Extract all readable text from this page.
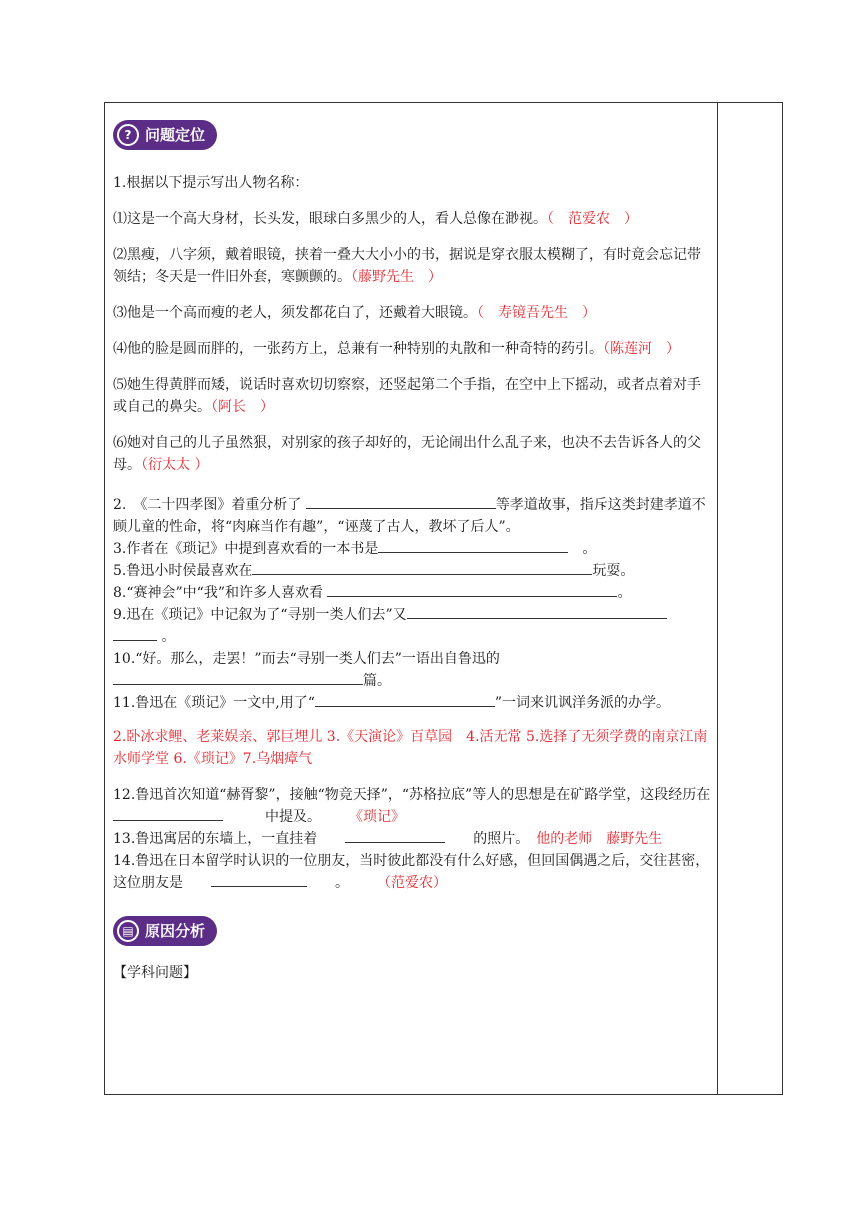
? 问题定位

1.根据以下提示写出人物名称：

⑴这是一个高大身材，长头发，眼球白多黑少的人，看人总像在渺视。（　范爱农　）

⑵黑瘦，八字须，戴着眼镜，挟着一叠大大小小的书，据说是穿衣服太模糊了，有时竟会忘记带领结；冬天是一件旧外套，寒颤颤的。（藤野先生　）

⑶他是一个高而瘦的老人，须发都花白了，还戴着大眼镜。（　寿镜吾先生　）

⑷他的脸是圆而胖的，一张药方上，总兼有一种特别的丸散和一种奇特的药引。（陈莲河　）

⑸她生得黄胖而矮，说话时喜欢切切察察，还竖起第二个手指，在空中上下摇动，或者点着对手或自己的鼻尖。（阿长　）

⑹她对自己的儿子虽然狠，对别家的孩子却好的，无论闹出什么乱子来，也决不去告诉各人的父母。（衍太太 ）

2.　《二十四孝图》着重分析了	等孝道故事，指斥这类封建孝道不顾儿童的性命，将“肉麻当作有趣”，“诬蔑了古人，教坏了后人”。

3.作者在《琐记》中提到喜欢看的一本书是　	。

5.鲁迅小时侯最喜欢在	玩耍。

8.“赛神会”中“我”和许多人喜欢看	。

9.迅在《琐记》中记叙为了“寻别一类人们去”又
。

10.“好。那么，走罢！”而去“寻别一类人们去”一语出自鲁迅的
篇。

11.鲁迅在《琐记》一文中,用了“	”一词来讥讽洋务派的办学。

2.卧冰求鲤、老莱娱亲、郭巨埋儿 3.《天演论》百草园　4.活无常 5.选择了无须学费的南京江南水师学堂 6.《琐记》7.乌烟瘴气

12.鲁迅首次知道“赫胥黎”，接触“物竞天择”，“苏格拉底”等人的思想是在矿路学堂，这段经历在　　　中提及。　　　	《琐记》

13.鲁迅寓居的东墙上，一直挂着　　　　	的照片。　 他的老师　藤野先生

14.鲁迅在日本留学时认识的一位朋友，当时彼此都没有什么好感，但回国偶遇之后，交往甚密，这位朋友是　　　　	。　　　	（范爱农）

▤ 原因分析

【学科问题】
